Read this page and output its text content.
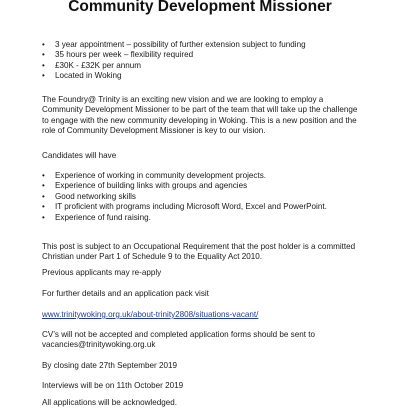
Community Development Missioner
• 3 year appointment – possibility of further extension subject to funding
• 35 hours per week – flexibility required
• £30K - £32K per annum
• Located in Woking
The Foundry@ Trinity is an exciting new vision and we are looking to employ a Community Development Missioner to be part of the team that will take up the challenge to engage with the new community developing in Woking. This is a new position and the role of Community Development Missioner is key to our vision.
Candidates will have
• Experience of working in community development projects.
• Experience of building links with groups and agencies
• Good networking skills
• IT proficient with programs including Microsoft Word, Excel and PowerPoint.
• Experience of fund raising.
This post is subject to an Occupational Requirement that the post holder is a committed Christian under Part 1 of Schedule 9 to the Equality Act 2010.
Previous applicants may re-apply
For further details and an application pack visit
www.trinitywoking.org.uk/about-trinity2808/situations-vacant/
CV’s will not be accepted and completed application forms should be sent to
vacancies@trinitywoking.org.uk
By closing date 27th September 2019
Interviews will be on 11th October 2019
All applications will be acknowledged.
